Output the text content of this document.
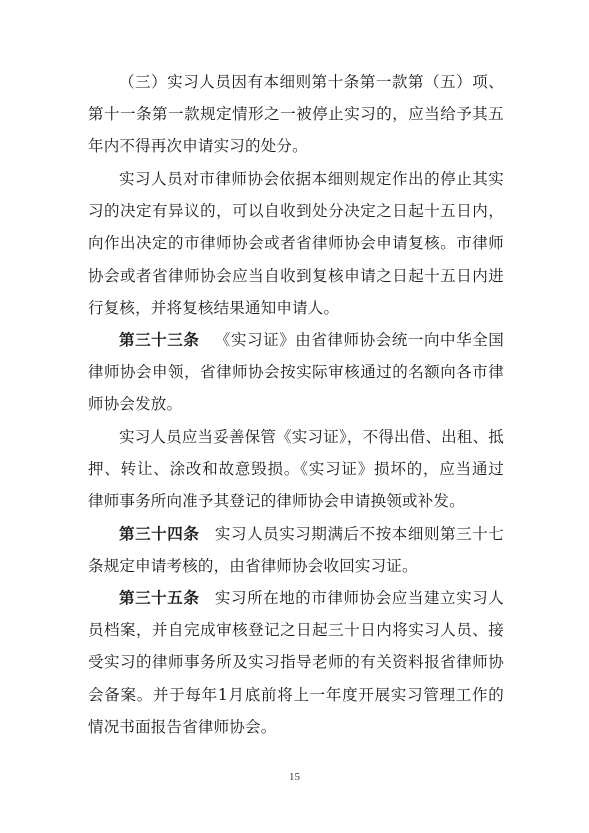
（三）实习人员因有本细则第十条第一款第（五）项、第十一条第一款规定情形之一被停止实习的，应当给予其五年内不得再次申请实习的处分。

实习人员对市律师协会依据本细则规定作出的停止其实习的决定有异议的，可以自收到处分决定之日起十五日内，向作出决定的市律师协会或者省律师协会申请复核。市律师协会或者省律师协会应当自收到复核申请之日起十五日内进行复核，并将复核结果通知申请人。

第三十三条 《实习证》由省律师协会统一向中华全国律师协会申领，省律师协会按实际审核通过的名额向各市律师协会发放。

实习人员应当妥善保管《实习证》，不得出借、出租、抵押、转让、涂改和故意毁损。《实习证》损坏的，应当通过律师事务所向准予其登记的律师协会申请换领或补发。

第三十四条 实习人员实习期满后不按本细则第三十七条规定申请考核的，由省律师协会收回实习证。

第三十五条 实习所在地的市律师协会应当建立实习人员档案，并自完成审核登记之日起三十日内将实习人员、接受实习的律师事务所及实习指导老师的有关资料报省律师协会备案。并于每年1月底前将上一年度开展实习管理工作的情况书面报告省律师协会。

15
